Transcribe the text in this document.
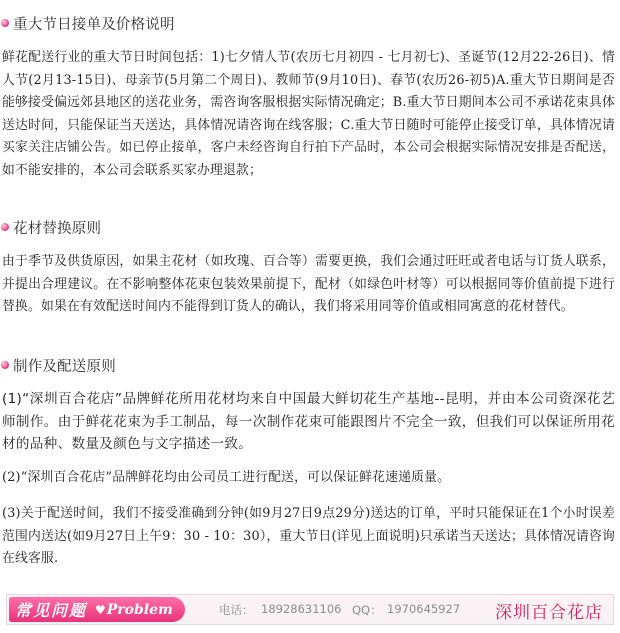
重大节日接单及价格说明

鲜花配送行业的重大节日时间包括：1)七夕情人节(农历七月初四 - 七月初七)、圣诞节(12月22-26日)、情人节(2月13-15日)、母亲节(5月第二个周日)、教师节(9月10日)、春节(农历26-初5)A.重大节日期间是否能够接受偏远郊县地区的送花业务，需咨询客服根据实际情况确定；B.重大节日期间本公司不承诺花束具体送达时间，只能保证当天送达，具体情况请咨询在线客服；C.重大节日随时可能停止接受订单，具体情况请买家关注店铺公告。如已停止接单，客户未经咨询自行拍下产品时，本公司会根据实际情况安排是否配送，如不能安排的，本公司会联系买家办理退款；

花材替换原则

由于季节及供货原因，如果主花材（如玫瑰、百合等）需要更换，我们会通过旺旺或者电话与订货人联系，并提出合理建议。在不影响整体花束包装效果前提下，配材（如绿色叶材等）可以根据同等价值前提下进行替换。如果在有效配送时间内不能得到订货人的确认，我们将采用同等价值或相同寓意的花材替代。

制作及配送原则

(1)“深圳百合花店”品牌鲜花所用花材均来自中国最大鲜切花生产基地--昆明，并由本公司资深花艺师制作。由于鲜花花束为手工制品，每一次制作花束可能跟图片不完全一致，但我们可以保证所用花材的品种、数量及颜色与文字描述一致。

(2)“深圳百合花店”品牌鲜花均由公司员工进行配送，可以保证鲜花速递质量。

(3)关于配送时间，我们不接受准确到分钟(如9月27日9点29分)送达的订单，平时只能保证在1个小时误差范围内送达(如9月27日上午9：30 - 10：30），重大节日(详见上面说明)只承诺当天送达；具体情况请咨询在线客服.

常见问题 ♥ Problem	电话： 18928631106 QQ： 1970645927 深圳百合花店
